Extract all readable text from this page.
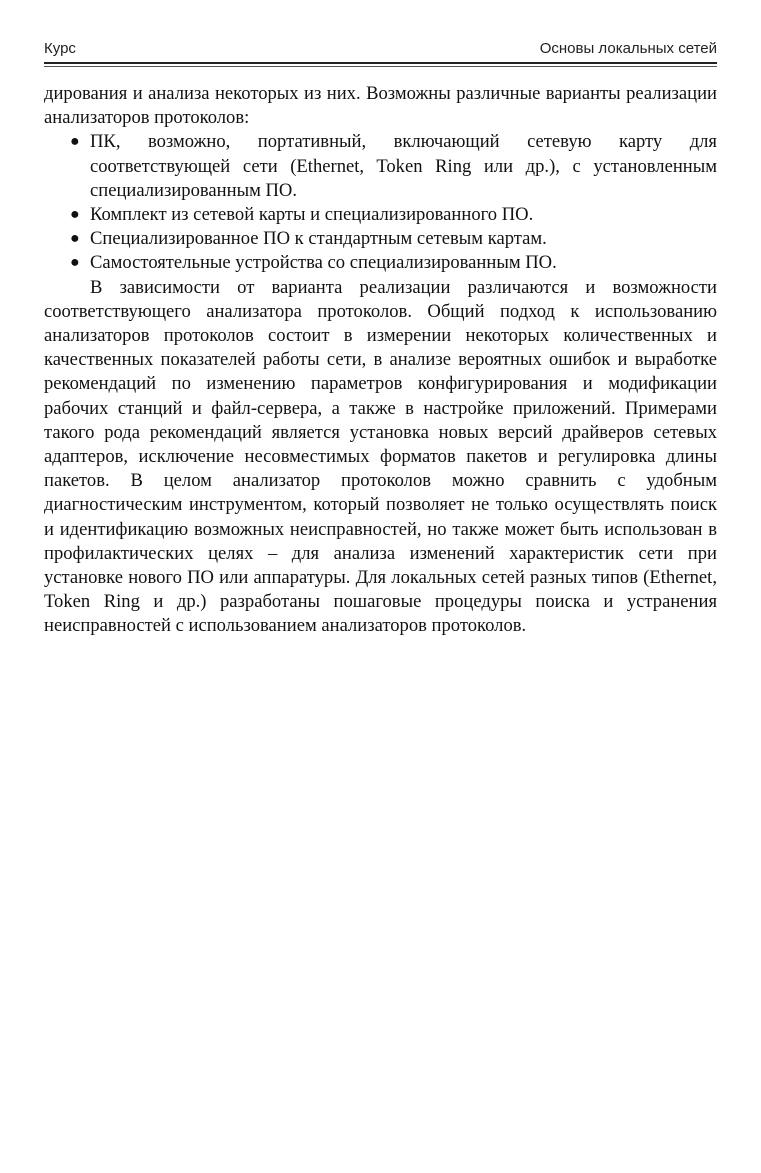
Курс	Основы локальных сетей

дирования и анализа некоторых из них. Возможны различные варианты реализации анализаторов протоколов:

● ПК, возможно, портативный, включающий сетевую карту для соответствующей сети (Ethernet, Token Ring или др.), с установленным специализированным ПО.
● Комплект из сетевой карты и специализированного ПО.
● Специализированное ПО к стандартным сетевым картам.
● Самостоятельные устройства со специализированным ПО.

В зависимости от варианта реализации различаются и возможности соответствующего анализатора протоколов. Общий подход к использованию анализаторов протоколов состоит в измерении некоторых количественных и качественных показателей работы сети, в анализе вероятных ошибок и выработке рекомендаций по изменению параметров конфигурирования и модификации рабочих станций и файл-сервера, а также в настройке приложений. Примерами такого рода рекомендаций является установка новых версий драйверов сетевых адаптеров, исключение несовместимых форматов пакетов и регулировка длины пакетов. В целом анализатор протоколов можно сравнить с удобным диагностическим инструментом, который позволяет не только осуществлять поиск и идентификацию возможных неисправностей, но также может быть использован в профилактических целях – для анализа изменений характеристик сети при установке нового ПО или аппаратуры. Для локальных сетей разных типов (Ethernet, Token Ring и др.) разработаны пошаговые процедуры поиска и устранения неисправностей с использованием анализаторов протоколов.
